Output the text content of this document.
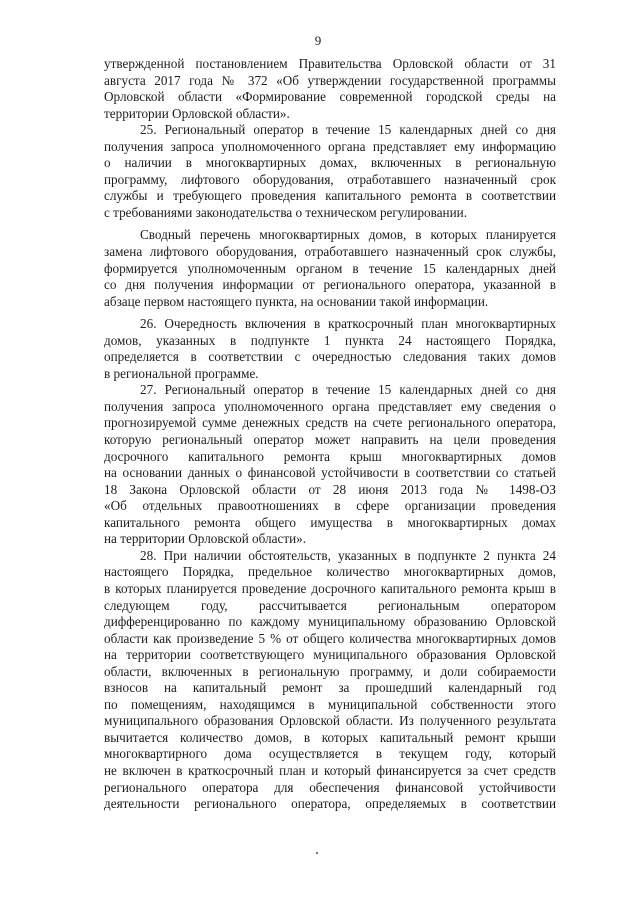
9
утвержденной постановлением Правительства Орловской области от 31
августа 2017 года № 372 «Об утверждении государственной программы
Орловской области «Формирование современной городской среды на
территории Орловской области».
25. Региональный оператор в течение 15 календарных дней со дня
получения запроса уполномоченного органа представляет ему информацию
о наличии в многоквартирных домах, включенных в региональную
программу, лифтового оборудования, отработавшего назначенный срок
службы и требующего проведения капитального ремонта в соответствии
с требованиями законодательства о техническом регулировании.
Сводный перечень многоквартирных домов, в которых планируется
замена лифтового оборудования, отработавшего назначенный срок службы,
формируется уполномоченным органом в течение 15 календарных дней
со дня получения информации от регионального оператора, указанной в
абзаце первом настоящего пункта, на основании такой информации.
26. Очередность включения в краткосрочный план многоквартирных
домов, указанных в подпункте 1 пункта 24 настоящего Порядка,
определяется в соответствии с очередностью следования таких домов
в региональной программе.
27. Региональный оператор в течение 15 календарных дней со дня
получения запроса уполномоченного органа представляет ему сведения о
прогнозируемой сумме денежных средств на счете регионального оператора,
которую региональный оператор может направить на цели проведения
досрочного капитального ремонта крыш многоквартирных домов
на основании данных о финансовой устойчивости в соответствии со статьей
18 Закона Орловской области от 28 июня 2013 года № 1498-ОЗ
«Об отдельных правоотношениях в сфере организации проведения
капитального ремонта общего имущества в многоквартирных домах
на территории Орловской области».
28. При наличии обстоятельств, указанных в подпункте 2 пункта 24
настоящего Порядка, предельное количество многоквартирных домов,
в которых планируется проведение досрочного капитального ремонта крыш в
следующем году, рассчитывается региональным оператором
дифференцированно по каждому муниципальному образованию Орловской
области как произведение 5 % от общего количества многоквартирных домов
на территории соответствующего муниципального образования Орловской
области, включенных в региональную программу, и доли собираемости
взносов на капитальный ремонт за прошедший календарный год
по помещениям, находящимся в муниципальной собственности этого
муниципального образования Орловской области. Из полученного результата
вычитается количество домов, в которых капитальный ремонт крыши
многоквартирного дома осуществляется в текущем году, который
не включен в краткосрочный план и который финансируется за счет средств
регионального оператора для обеспечения финансовой устойчивости
деятельности регионального оператора, определяемых в соответствии
